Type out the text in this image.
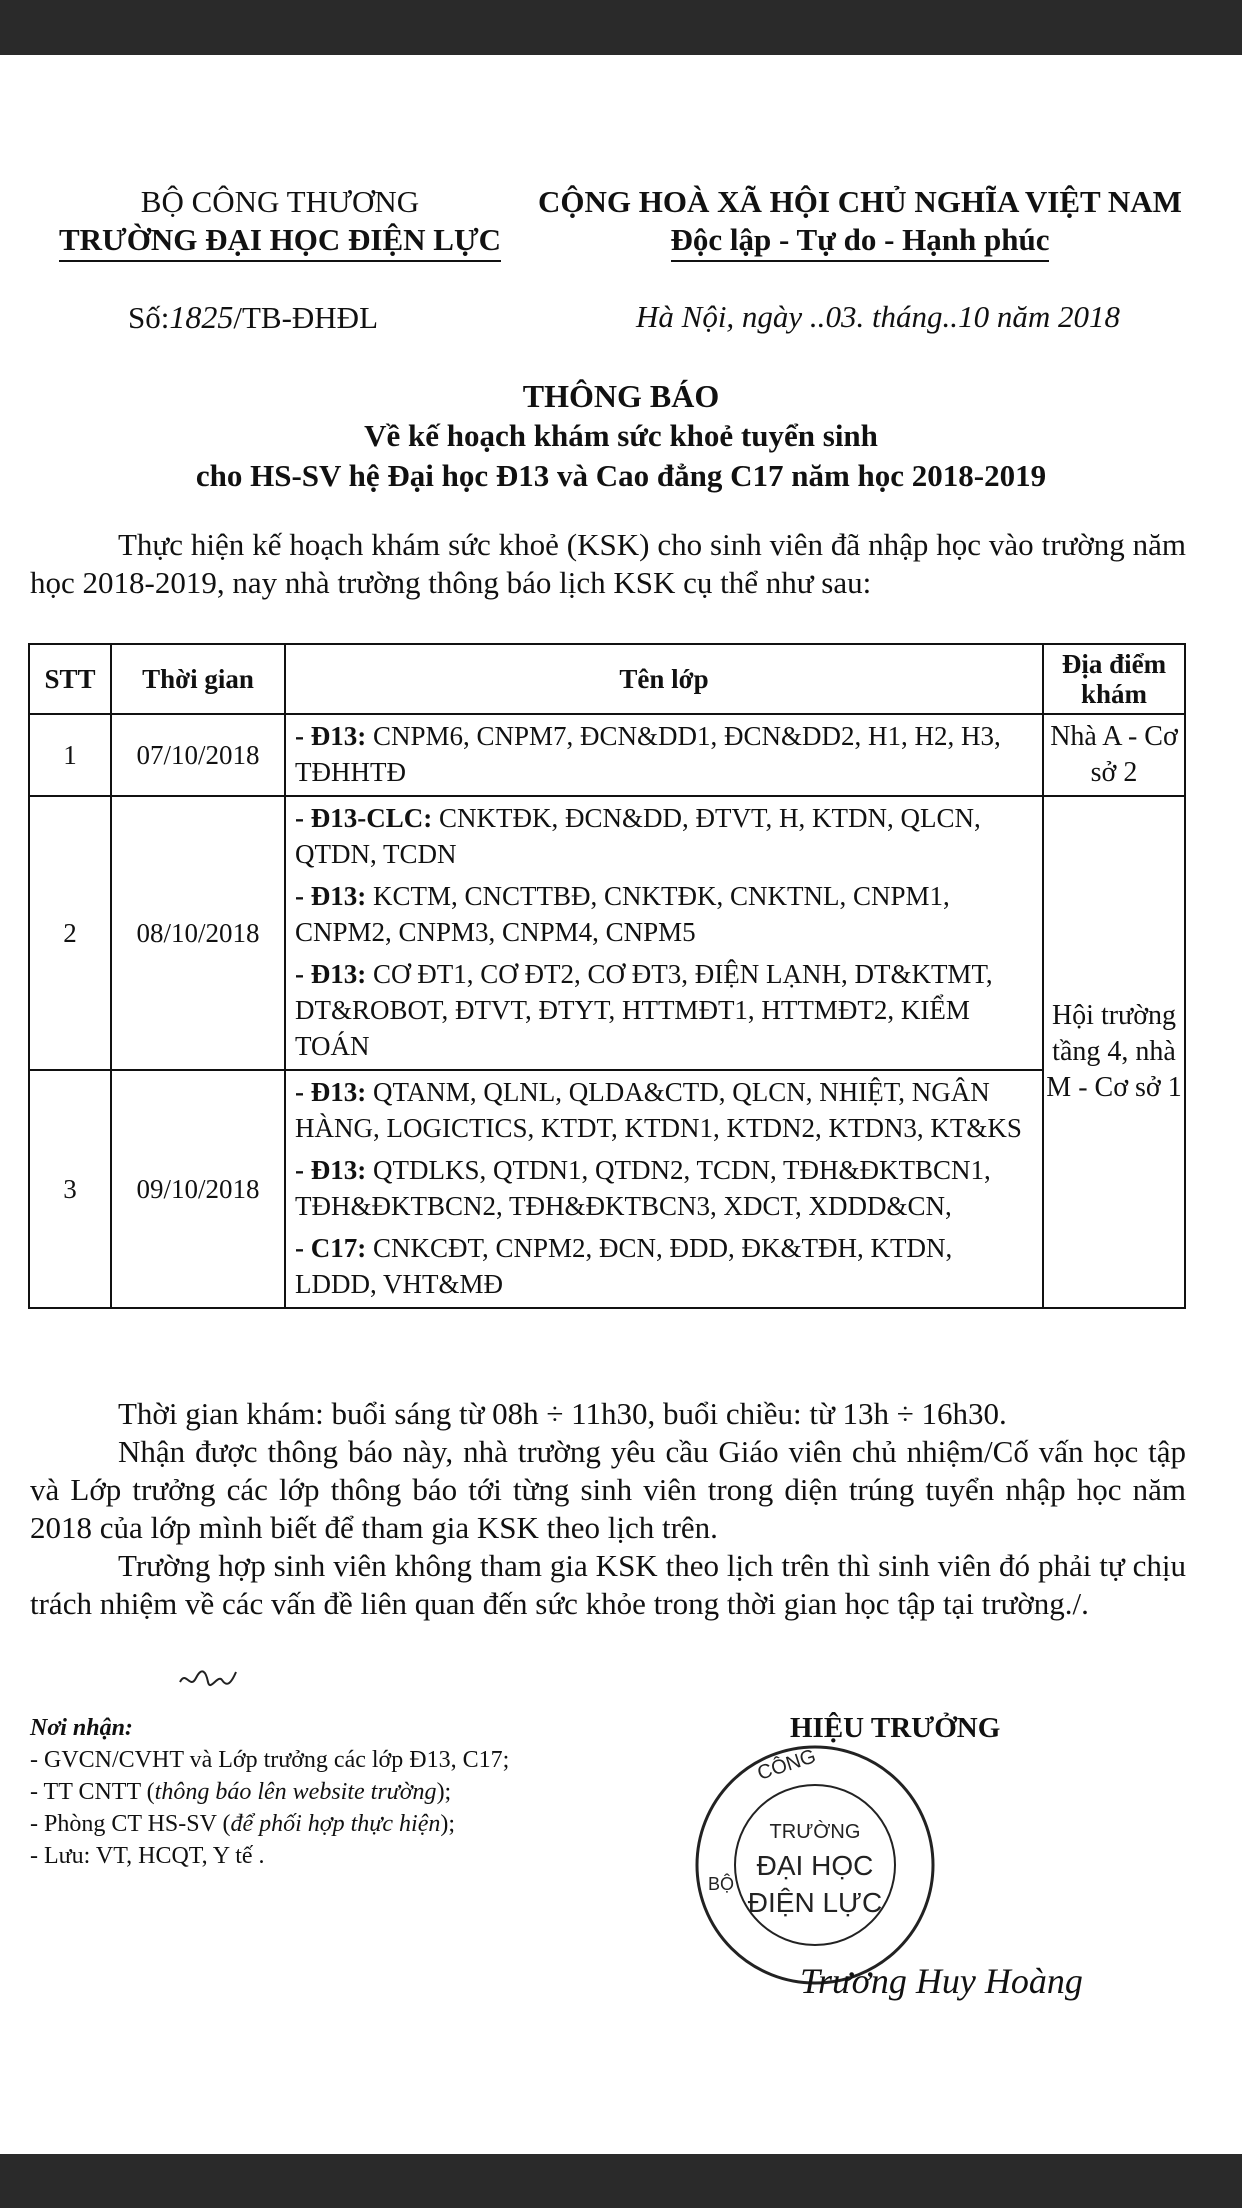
BỘ CÔNG THƯƠNG
TRƯỜNG ĐẠI HỌC ĐIỆN LỰC
CỘNG HOÀ XÃ HỘI CHỦ NGHĨA VIỆT NAM
Độc lập - Tự do - Hạnh phúc
Số:1825/TB-ĐHĐL	Hà Nội, ngày ..03. tháng..10 năm 2018
THÔNG BÁO
Về kế hoạch khám sức khoẻ tuyển sinh
cho HS-SV hệ Đại học Đ13 và Cao đẳng C17 năm học 2018-2019
Thực hiện kế hoạch khám sức khoẻ (KSK) cho sinh viên đã nhập học vào trường năm học 2018-2019, nay nhà trường thông báo lịch KSK cụ thể như sau:
STT	Thời gian	Tên lớp	Địa điểm khám
1	07/10/2018	- Đ13: CNPM6, CNPM7, ĐCN&DD1, ĐCN&DD2, H1, H2, H3, TĐHHTĐ	Nhà A - Cơ sở 2
2	08/10/2018	- Đ13-CLC: CNKTĐK, ĐCN&DD, ĐTVT, H, KTDN, QLCN, QTDN, TCDN
- Đ13: KCTM, CNCTTBĐ, CNKTĐK, CNKTNL, CNPM1, CNPM2, CNPM3, CNPM4, CNPM5
- Đ13: CƠ ĐT1, CƠ ĐT2, CƠ ĐT3, ĐIỆN LẠNH, DT&KTMT, DT&ROBOT, ĐTVT, ĐTYT, HTTMĐT1, HTTMĐT2, KIỂM TOÁN	Hội trường tầng 4, nhà M - Cơ sở 1
3	09/10/2018	- Đ13: QTANM, QLNL, QLDA&CTD, QLCN, NHIỆT, NGÂN HÀNG, LOGICTICS, KTDT, KTDN1, KTDN2, KTDN3, KT&KS
- Đ13: QTDLKS, QTDN1, QTDN2, TCDN, TĐH&ĐKTBCN1, TĐH&ĐKTBCN2, TĐH&ĐKTBCN3, XDCT, XDDD&CN,
- C17: CNKCĐT, CNPM2, ĐCN, ĐDD, ĐK&TĐH, KTDN, LDDD, VHT&MĐ	
Thời gian khám: buổi sáng từ 08h ÷ 11h30, buổi chiều: từ 13h ÷ 16h30.
Nhận được thông báo này, nhà trường yêu cầu Giáo viên chủ nhiệm/Cố vấn học tập và Lớp trưởng các lớp thông báo tới từng sinh viên trong diện trúng tuyển nhập học năm 2018 của lớp mình biết để tham gia KSK theo lịch trên.
Trường hợp sinh viên không tham gia KSK theo lịch trên thì sinh viên đó phải tự chịu trách nhiệm về các vấn đề liên quan đến sức khỏe trong thời gian học tập tại trường./.
Nơi nhận:
- GVCN/CVHT và Lớp trưởng các lớp Đ13, C17;
- TT CNTT (thông báo lên website trường);
- Phòng CT HS-SV (để phối hợp thực hiện);
- Lưu: VT, HCQT, Y tế .
CÔNG
BỘ
TRƯỜNG
ĐẠI HỌC
ĐIỆN LỰC
HIỆU TRƯỞNG
Trương Huy Hoàng
